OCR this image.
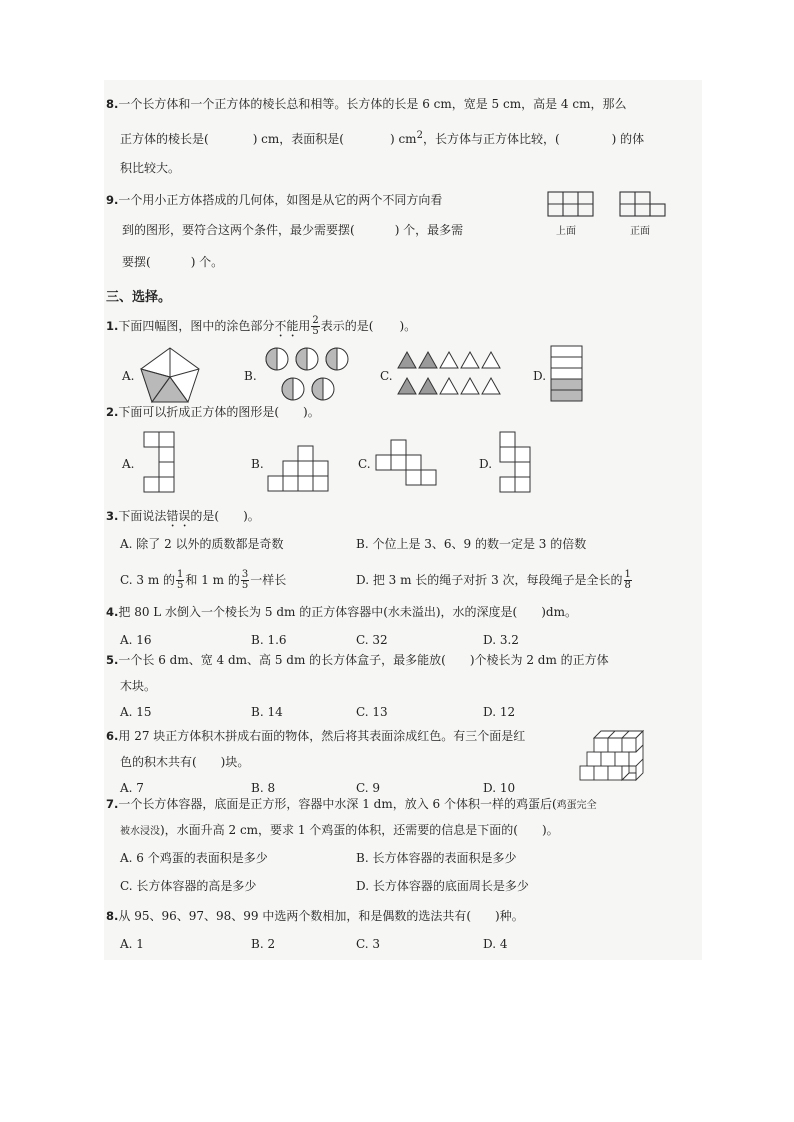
8.一个长方体和一个正方体的棱长总和相等。长方体的长是 6 cm，宽是 5 cm，高是 4 cm，那么
正方体的棱长是(	) cm，表面积是(	) $cm^2$，长方体与正方体比较，(	) 的体
积比较大。
9.一个用小正方体搭成的几何体，如图是从它的两个不同方向看
到的图形，要符合这两个条件，最少需要摆(	) 个，最多需
要摆(	) 个。
上面	正面
三、选择。
1.下面四幅图，图中的涂色部分不能用 $\frac{2}{5}$ 表示的是( )。
A.	B.	C.	D.
2.下面可以折成正方体的图形是(　　)。
A.	B.	C.	D.
3.下面说法错误的是(　　)。
A. 除了 2 以外的质数都是奇数	B. 个位上是 3、6、9 的数一定是 3 的倍数
C. 3 m 的 $\frac{1}{5}$ 和 1 m 的 $\frac{3}{5}$ 一样长	D. 把 3 m 长的绳子对折 3 次，每段绳子是全长的 $\frac{1}{8}$
4.把 80 L 水倒入一个棱长为 5 dm 的正方体容器中(水未溢出)，水的深度是(　　)dm。
A. 16	B. 1.6	C. 32	D. 3.2
5.一个长 6 dm、宽 4 dm、高 5 dm 的长方体盒子，最多能放(　　)个棱长为 2 dm 的正方体
木块。
A. 15	B. 14	C. 13	D. 12
6.用 27 块正方体积木拼成右面的物体，然后将其表面涂成红色。有三个面是红
色的积木共有(　　)块。
A. 7	B. 8	C. 9	D. 10
7.一个长方体容器，底面是正方形，容器中水深 1 dm，放入 6 个体积一样的鸡蛋后(鸡蛋完全
被水浸没)，水面升高 2 cm，要求 1 个鸡蛋的体积，还需要的信息是下面的(　　)。
A. 6 个鸡蛋的表面积是多少	B. 长方体容器的表面积是多少
C. 长方体容器的高是多少	D. 长方体容器的底面周长是多少
8.从 95、96、97、98、99 中选两个数相加，和是偶数的选法共有(　　)种。
A. 1	B. 2	C. 3	D. 4
